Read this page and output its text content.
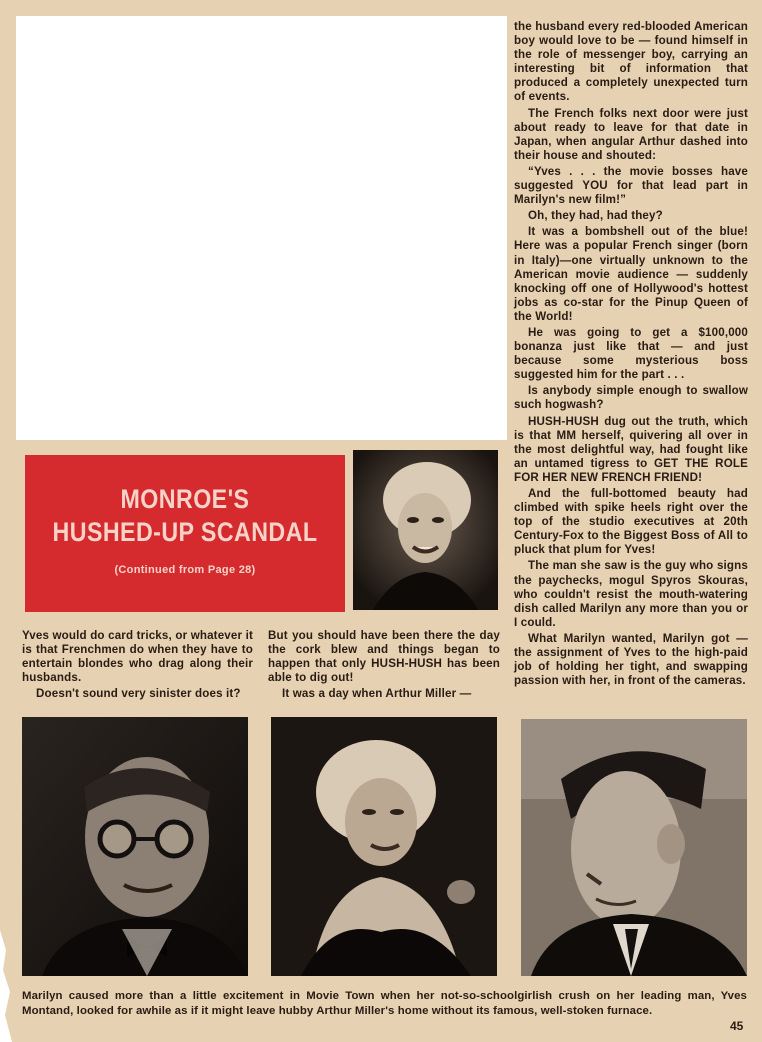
the husband every red-blooded American boy would love to be — found himself in the role of messenger boy, carrying an interesting bit of information that produced a completely unexpected turn of events.

The French folks next door were just about ready to leave for that date in Japan, when angular Arthur dashed into their house and shouted:

“Yves . . . the movie bosses have suggested YOU for that lead part in Marilyn's new film!”

Oh, they had, had they?

It was a bombshell out of the blue! Here was a popular French singer (born in Italy)—one virtually unknown to the American movie audience — suddenly knocking off one of Hollywood's hottest jobs as co-star for the Pinup Queen of the World!

He was going to get a $100,000 bonanza just like that — and just because some mysterious boss suggested him for the part . . .

Is anybody simple enough to swallow such hogwash?

HUSH-HUSH dug out the truth, which is that MM herself, quivering all over in the most delightful way, had fought like an untamed tigress to GET THE ROLE FOR HER NEW FRENCH FRIEND!

And the full-bottomed beauty had climbed with spike heels right over the top of the studio executives at 20th Century-Fox to the Biggest Boss of All to pluck that plum for Yves!

The man she saw is the guy who signs the paychecks, mogul Spyros Skouras, who couldn't resist the mouth-watering dish called Marilyn any more than you or I could.

What Marilyn wanted, Marilyn got — the assignment of Yves to the high-paid job of holding her tight, and swapping passion with her, in front of the cameras.

MONROE'S
HUSHED-UP SCANDAL
(Continued from Page 28)

Yves would do card tricks, or whatever it is that Frenchmen do when they have to entertain blondes who drag along their husbands.

Doesn't sound very sinister does it?

But you should have been there the day the cork blew and things began to happen that only HUSH-HUSH has been able to dig out!

It was a day when Arthur Miller —

Marilyn caused more than a little excitement in Movie Town when her not-so-schoolgirlish crush on her leading man, Yves Montand, looked for awhile as if it might leave hubby Arthur Miller's home without its famous, well-stoken furnace.
45
